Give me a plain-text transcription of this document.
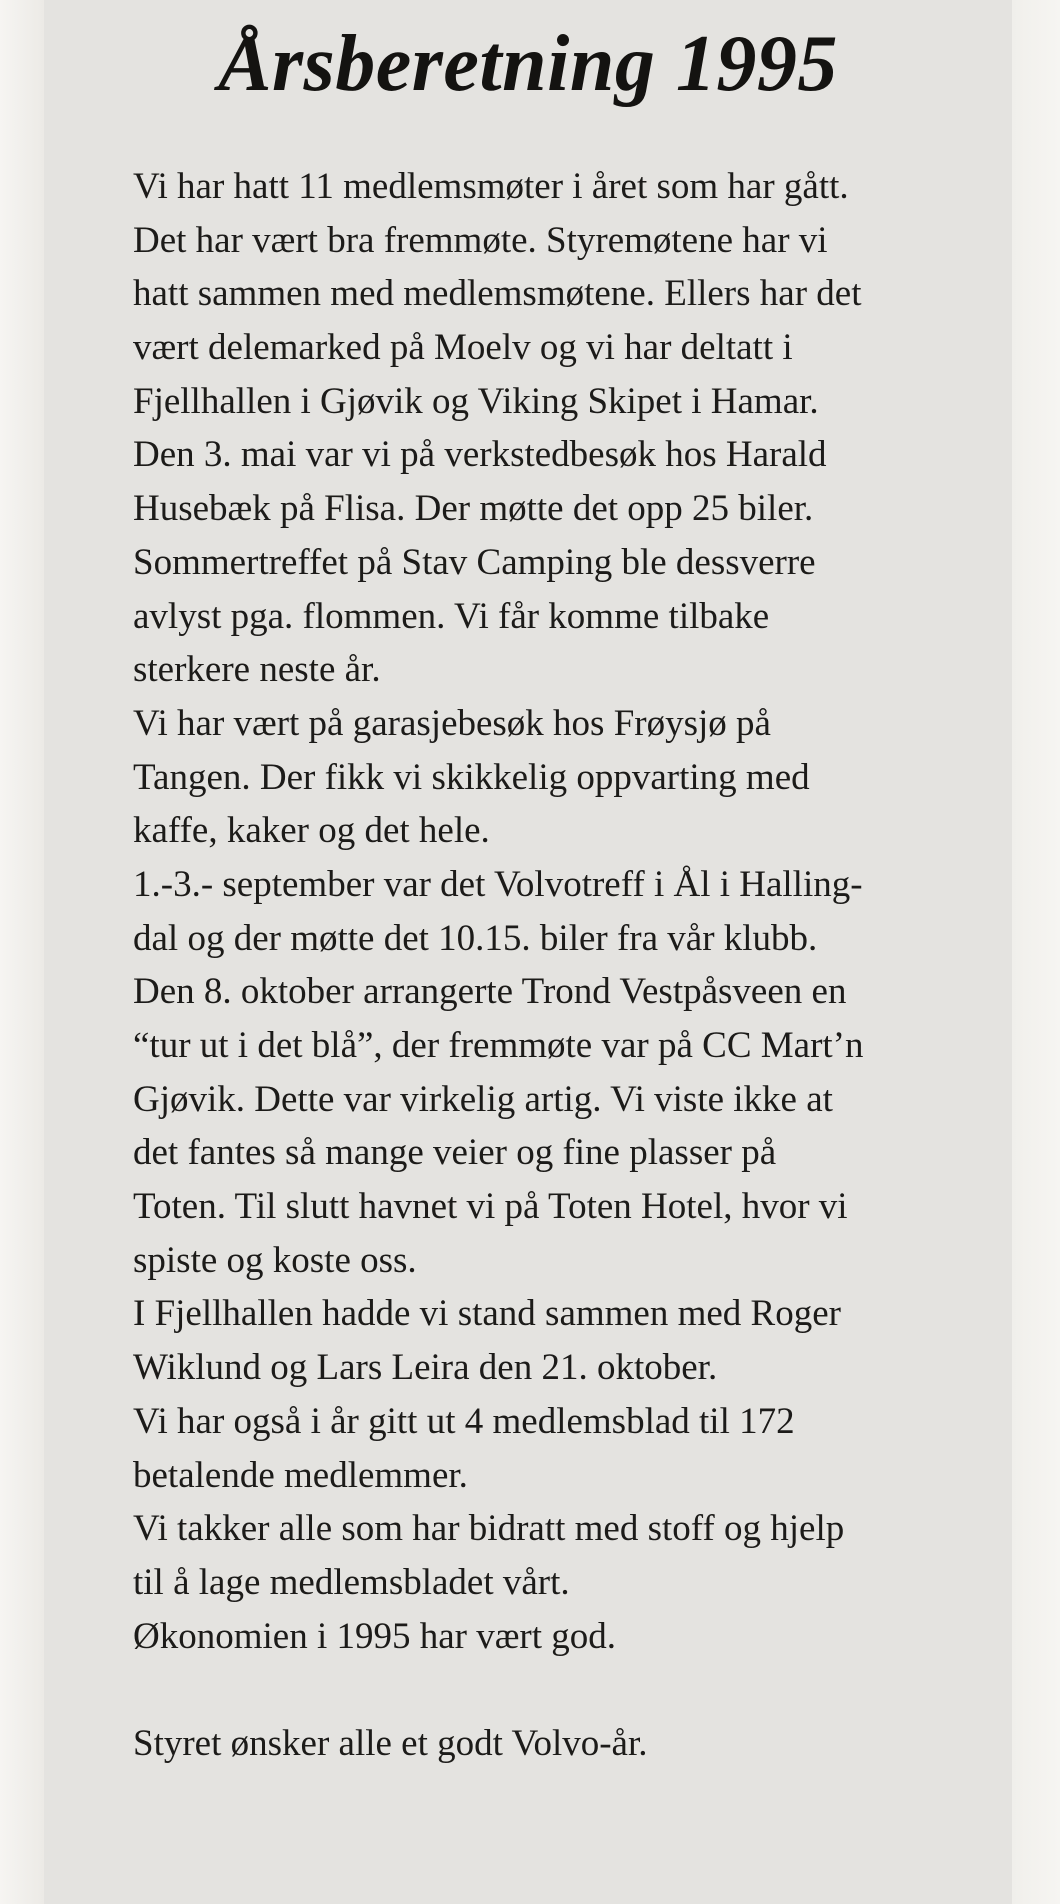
Årsberetning 1995
Vi har hatt 11 medlemsmøter i året som har gått.
Det har vært bra fremmøte. Styremøtene har vi
hatt sammen med medlemsmøtene. Ellers har det
vært delemarked på Moelv og vi har deltatt i
Fjellhallen i Gjøvik og Viking Skipet i Hamar.
Den 3. mai var vi på verkstedbesøk hos Harald
Husebæk på Flisa. Der møtte det opp 25 biler.
Sommertreffet på Stav Camping ble dessverre
avlyst pga. flommen. Vi får komme tilbake
sterkere neste år.
Vi har vært på garasjebesøk hos Frøysjø på
Tangen. Der fikk vi skikkelig oppvarting med
kaffe, kaker og det hele.
1.-3.- september var det Volvotreff i Ål i Halling-
dal og der møtte det 10.15. biler fra vår klubb.
Den 8. oktober arrangerte Trond Vestpåsveen en
“tur ut i det blå”, der fremmøte var på CC Mart’n
Gjøvik. Dette var virkelig artig. Vi viste ikke at
det fantes så mange veier og fine plasser på
Toten. Til slutt havnet vi på Toten Hotel, hvor vi
spiste og koste oss.
I Fjellhallen hadde vi stand sammen med Roger
Wiklund og Lars Leira den 21. oktober.
Vi har også i år gitt ut 4 medlemsblad til 172
betalende medlemmer.
Vi takker alle som har bidratt med stoff og hjelp
til å lage medlemsbladet vårt.
Økonomien i 1995 har vært god.
Styret ønsker alle et godt Volvo-år.
